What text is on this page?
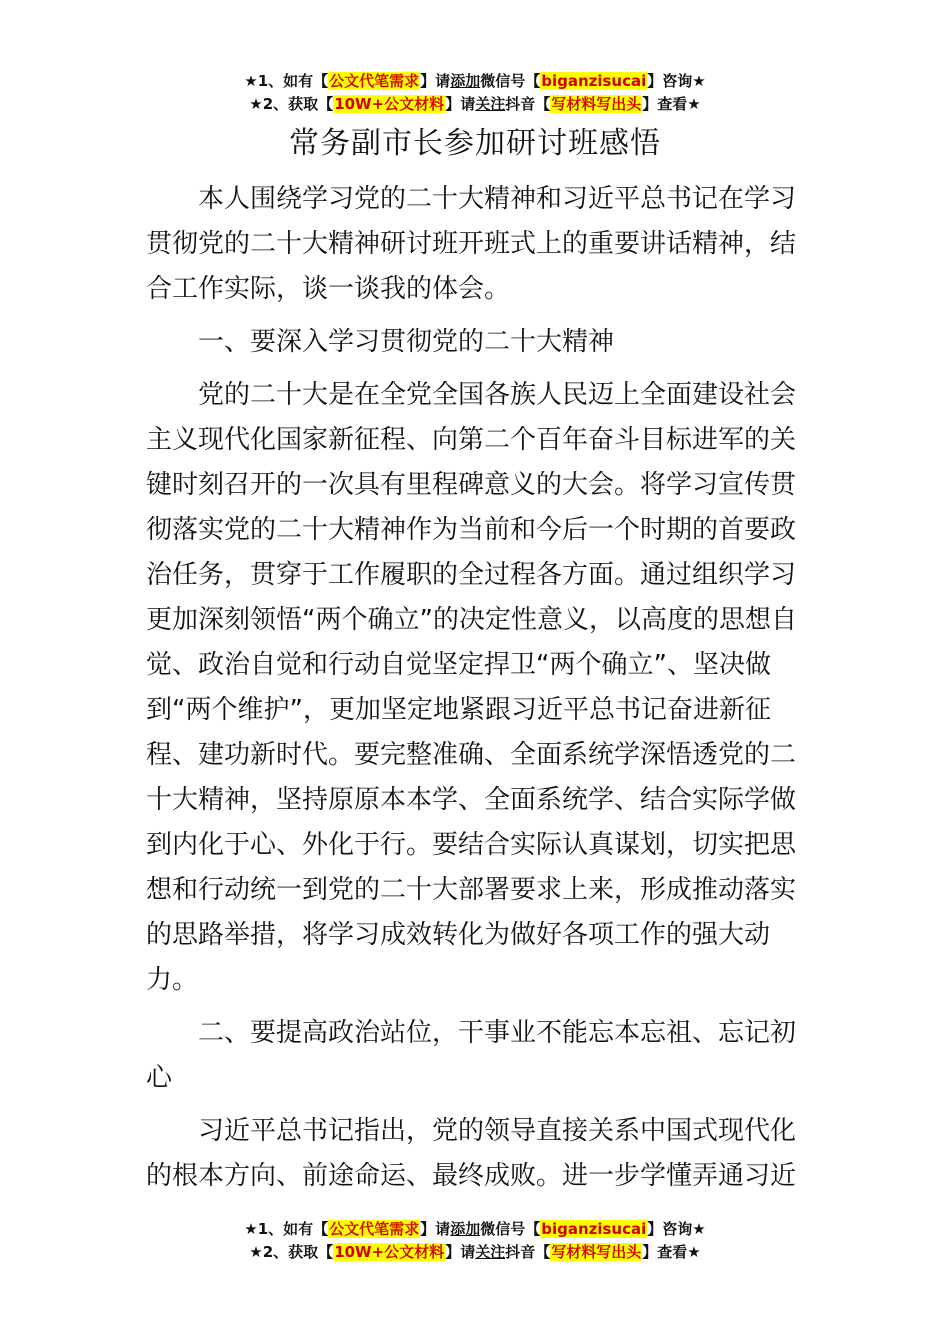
★1、如有【公文代笔需求】请添加微信号【biganzisucai】咨询★
★2、获取【10W+公文材料】请关注抖音【写材料写出头】查看★
常务副市长参加研讨班感悟

本人围绕学习党的二十大精神和习近平总书记在学习贯彻党的二十大精神研讨班开班式上的重要讲话精神，结合工作实际，谈一谈我的体会。

一、要深入学习贯彻党的二十大精神

党的二十大是在全党全国各族人民迈上全面建设社会主义现代化国家新征程、向第二个百年奋斗目标进军的关键时刻召开的一次具有里程碑意义的大会。将学习宣传贯彻落实党的二十大精神作为当前和今后一个时期的首要政治任务，贯穿于工作履职的全过程各方面。通过组织学习更加深刻领悟“两个确立”的决定性意义，以高度的思想自觉、政治自觉和行动自觉坚定捍卫“两个确立”、坚决做到“两个维护”，更加坚定地紧跟习近平总书记奋进新征程、建功新时代。要完整准确、全面系统学深悟透党的二十大精神，坚持原原本本学、全面系统学、结合实际学做到内化于心、外化于行。要结合实际认真谋划，切实把思想和行动统一到党的二十大部署要求上来，形成推动落实的思路举措，将学习成效转化为做好各项工作的强大动力。

二、要提高政治站位，干事业不能忘本忘祖、忘记初心

习近平总书记指出，党的领导直接关系中国式现代化的根本方向、前途命运、最终成败。进一步学懂弄通习近

★1、如有【公文代笔需求】请添加微信号【biganzisucai】咨询★
★2、获取【10W+公文材料】请关注抖音【写材料写出头】查看★
